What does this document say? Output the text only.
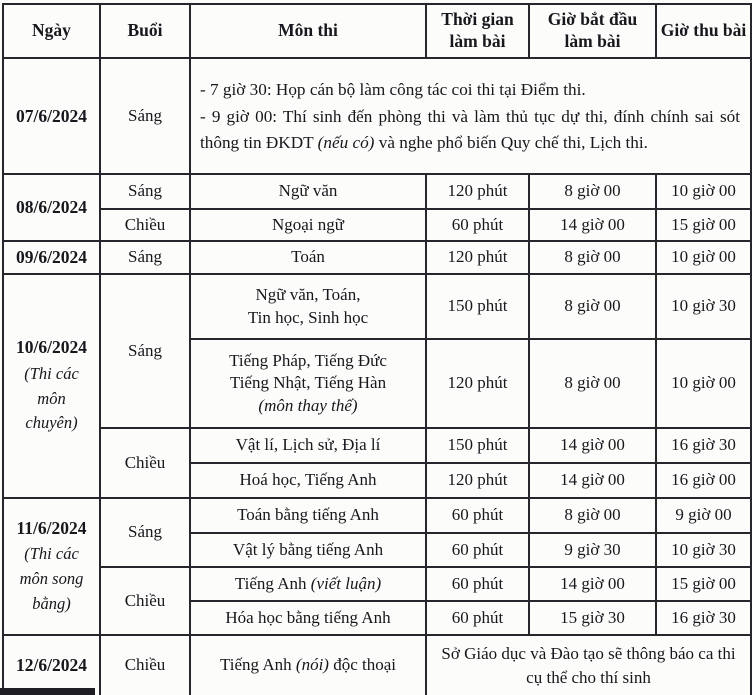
Ngày	Buổi	Môn thi	Thời gian làm bài	Giờ bắt đầu làm bài	Giờ thu bài
07/6/2024	Sáng	- 7 giờ 30: Họp cán bộ làm công tác coi thi tại Điểm thi.

- 9 giờ 00: Thí sinh đến phòng thi và làm thủ tục dự thi, đính chính sai sót thông tin ĐKDT (nếu có) và nghe phổ biến Quy chế thi, Lịch thi.			

08/6/2024	Sáng	Ngữ văn	120 phút	8 giờ 00	10 giờ 00
	Chiều	Ngoại ngữ	60 phút	14 giờ 00	15 giờ 00
09/6/2024	Sáng	Toán	120 phút	8 giờ 00	10 giờ 00
10/6/2024
(Thi các môn chuyên)	Sáng	Ngữ văn, Toán,
Tin học, Sinh học	150 phút	8 giờ 00	10 giờ 30

		Tiếng Pháp, Tiếng Đức
Tiếng Nhật, Tiếng Hàn
(môn thay thế)	120 phút	8 giờ 00	10 giờ 00
	Chiều	Vật lí, Lịch sử, Địa lí	150 phút	14 giờ 00	16 giờ 30
		Hoá học, Tiếng Anh	120 phút	14 giờ 00	16 giờ 00
11/6/2024
(Thi các môn song bằng)	Sáng	Toán bằng tiếng Anh	60 phút	8 giờ 00	9 giờ 00
		Vật lý bằng tiếng Anh	60 phút	9 giờ 30	10 giờ 30
	Chiều	Tiếng Anh (viết luận)	60 phút	14 giờ 00	15 giờ 00
		Hóa học bằng tiếng Anh	60 phút	15 giờ 30	16 giờ 30
12/6/2024	Chiều	Tiếng Anh (nói) độc thoại	Sở Giáo dục và Đào tạo sẽ thông báo ca thi cụ thể cho thí sinh		
